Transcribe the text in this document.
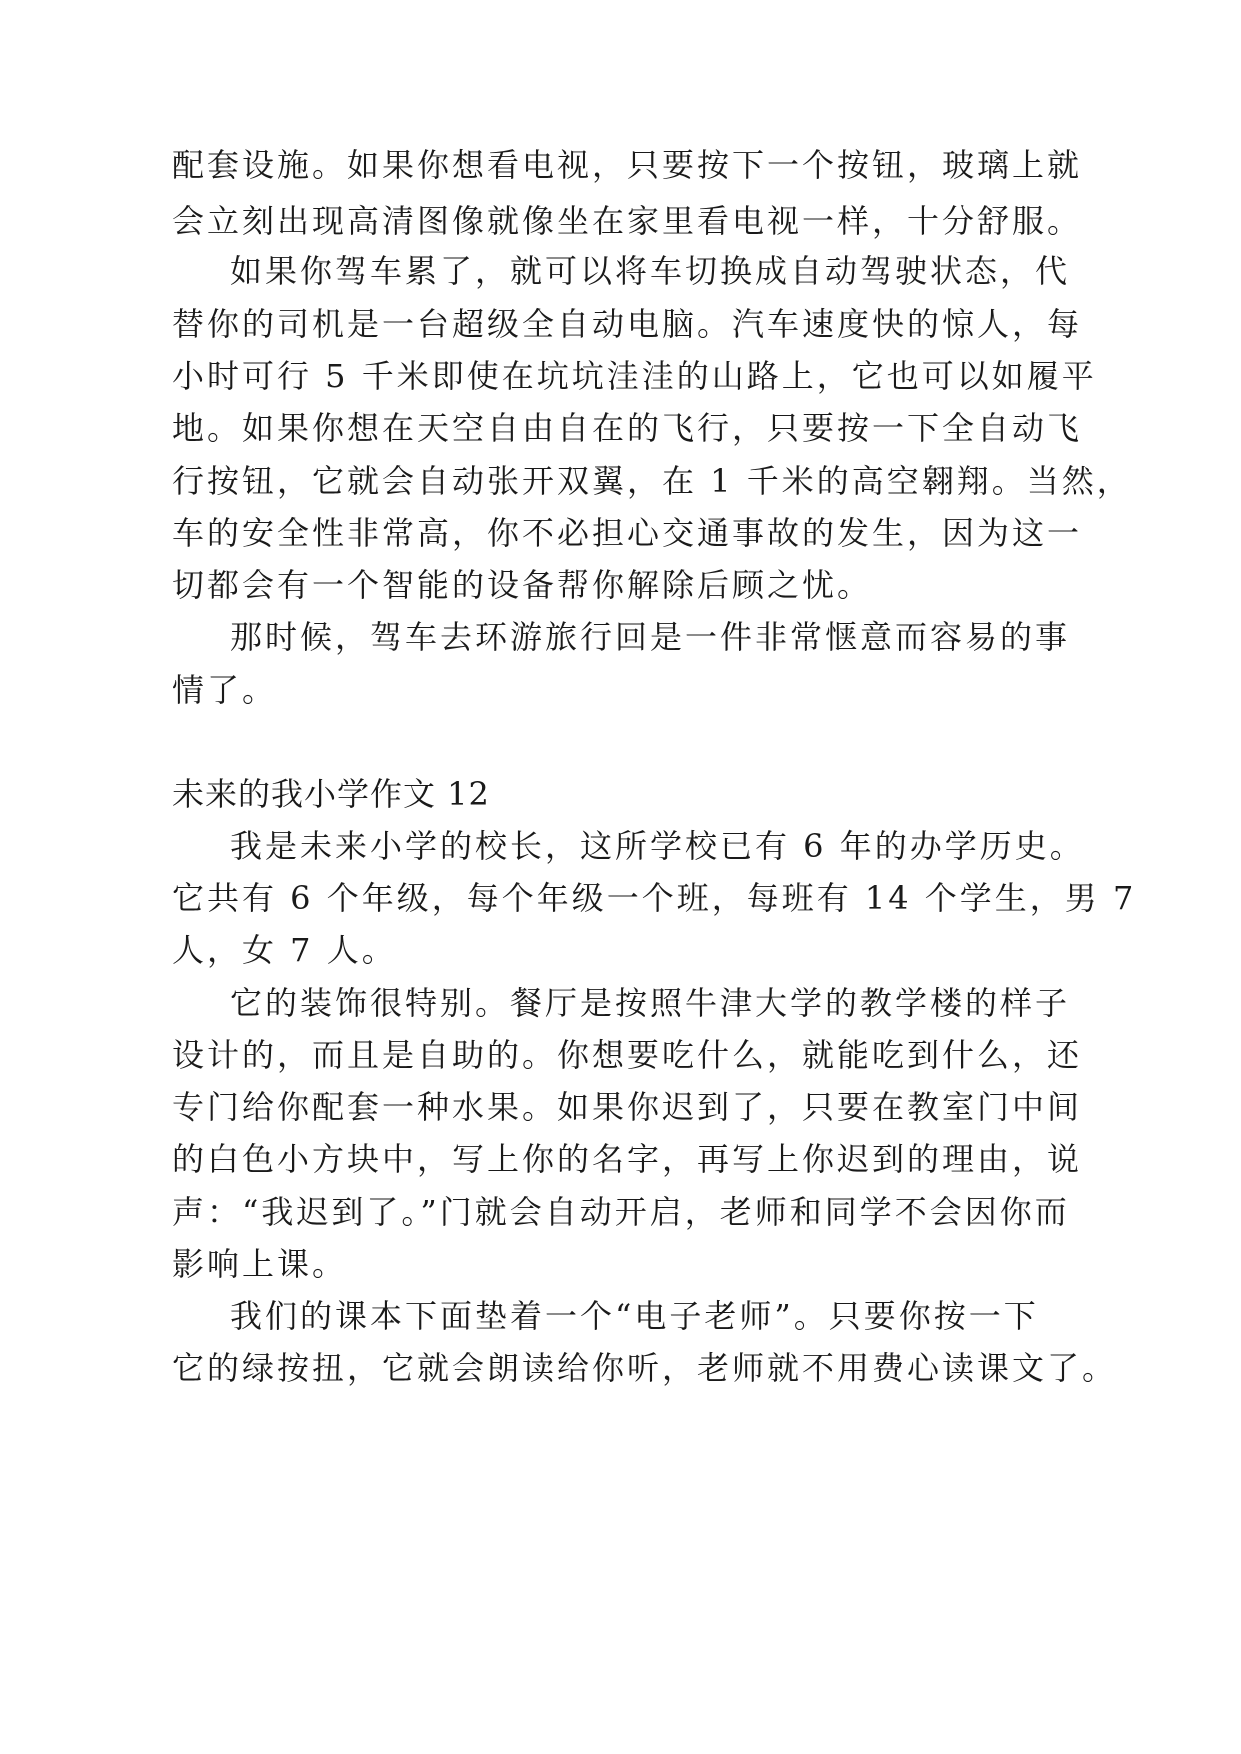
配套设施。如果你想看电视，只要按下一个按钮，玻璃上就
会立刻出现高清图像就像坐在家里看电视一样，十分舒服。
如果你驾车累了，就可以将车切换成自动驾驶状态，代
替你的司机是一台超级全自动电脑。汽车速度快的惊人，每
小时可行 5 千米即使在坑坑洼洼的山路上，它也可以如履平
地。如果你想在天空自由自在的飞行，只要按一下全自动飞
行按钮，它就会自动张开双翼，在 1 千米的高空翱翔。当然，
车的安全性非常高，你不必担心交通事故的发生，因为这一
切都会有一个智能的设备帮你解除后顾之忧。
那时候，驾车去环游旅行回是一件非常惬意而容易的事
情了。
未来的我小学作文 12
我是未来小学的校长，这所学校已有 6 年的办学历史。
它共有 6 个年级，每个年级一个班，每班有 14 个学生，男 7
人，女 7 人。
它的装饰很特别。餐厅是按照牛津大学的教学楼的样子
设计的，而且是自助的。你想要吃什么，就能吃到什么，还
专门给你配套一种水果。如果你迟到了，只要在教室门中间
的白色小方块中，写上你的名字，再写上你迟到的理由，说
声：“我迟到了。”门就会自动开启，老师和同学不会因你而
影响上课。
我们的课本下面垫着一个“电子老师”。只要你按一下
它的绿按扭，它就会朗读给你听，老师就不用费心读课文了。
